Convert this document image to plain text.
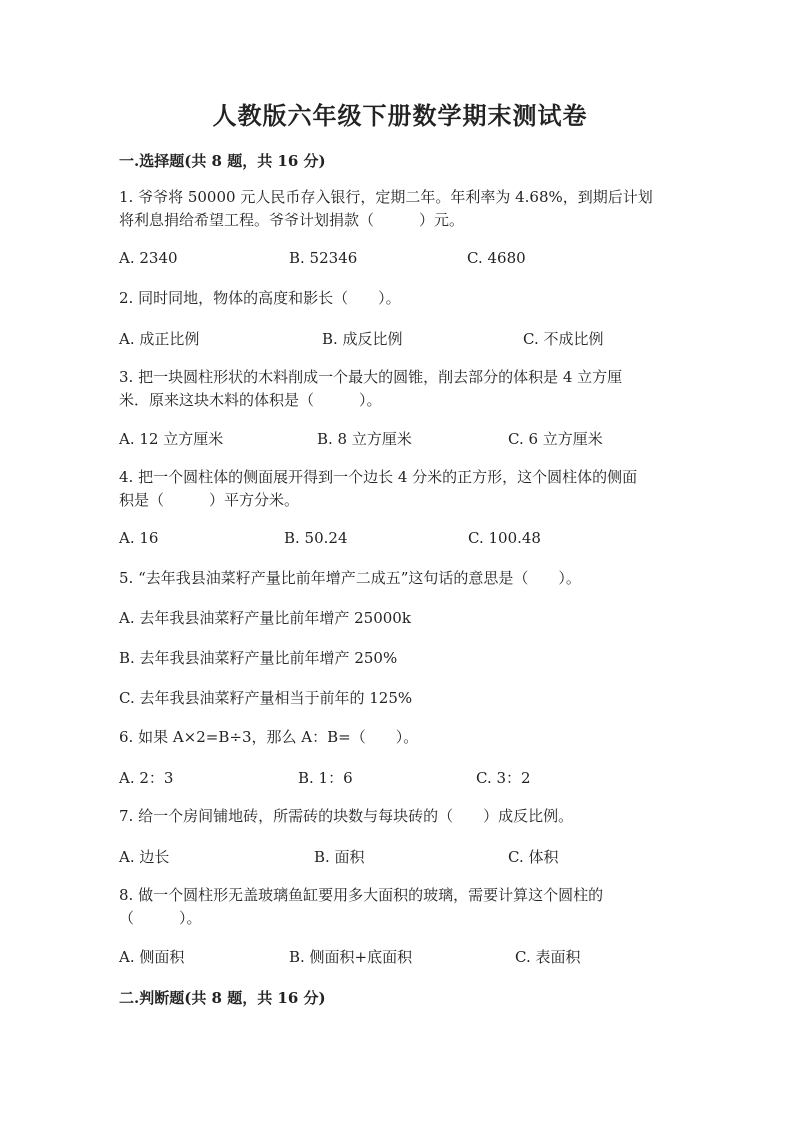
人教版六年级下册数学期末测试卷
一.选择题(共 8 题，共 16 分)
1. 爷爷将 50000 元人民币存入银行，定期二年。年利率为 4.68%，到期后计划
将利息捐给希望工程。爷爷计划捐款（　　　）元。
A. 2340	B. 52346	C. 4680
2. 同时同地，物体的高度和影长（　　）。
A. 成正比例	B. 成反比例	C. 不成比例
3. 把一块圆柱形状的木料削成一个最大的圆锥，削去部分的体积是 4 立方厘
米．原来这块木料的体积是（　　　）。
A. 12 立方厘米	B. 8 立方厘米	C. 6 立方厘米
4. 把一个圆柱体的侧面展开得到一个边长 4 分米的正方形，这个圆柱体的侧面
积是（　　　）平方分米。
A. 16	B. 50.24	C. 100.48
5. “去年我县油菜籽产量比前年增产二成五”这句话的意思是（　　）。
A. 去年我县油菜籽产量比前年增产 25000k
B. 去年我县油菜籽产量比前年增产 250%
C. 去年我县油菜籽产量相当于前年的 125%
6. 如果 A×2=B÷3，那么 A：B=（　　）。
A. 2：3	B. 1：6	C. 3：2
7. 给一个房间铺地砖，所需砖的块数与每块砖的（　　）成反比例。
A. 边长	B. 面积	C. 体积
8. 做一个圆柱形无盖玻璃鱼缸要用多大面积的玻璃，需要计算这个圆柱的
（　　　）。
A. 侧面积	B. 侧面积+底面积	C. 表面积
二.判断题(共 8 题，共 16 分)
